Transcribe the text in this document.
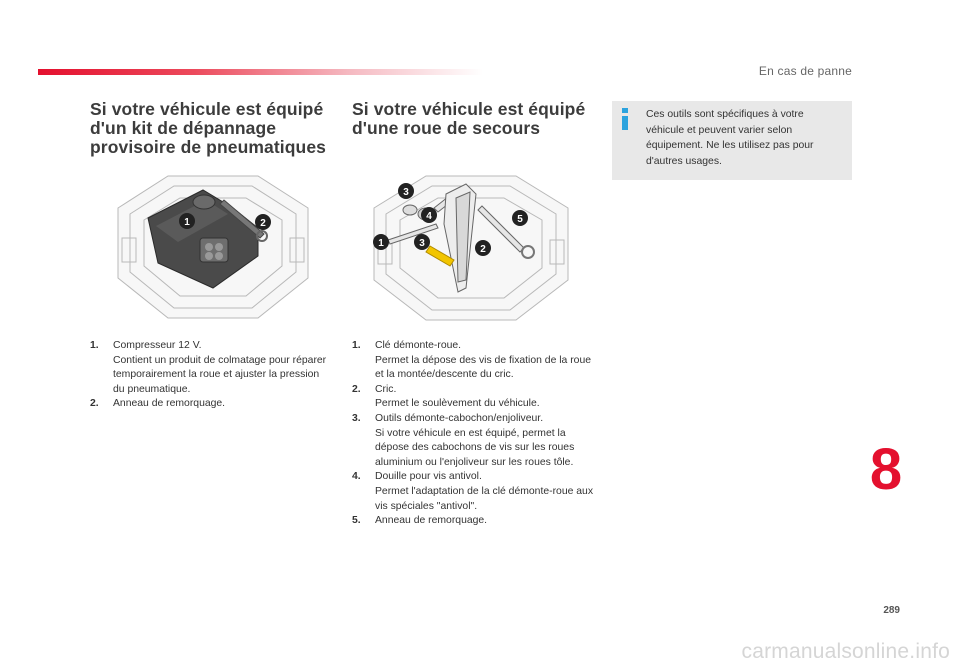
En cas de panne
Si votre véhicule est équipé
d'un kit de dépannage
provisoire de pneumatiques
Si votre véhicule est équipé
d'une roue de secours
Ces outils sont spécifiques à votre
véhicule et peuvent varier selon
équipement. Ne les utilisez pas pour
d'autres usages.
1	2
3
4	5
1	3
2
1.	Compresseur 12 V.
Contient un produit de colmatage pour réparer temporairement la roue et ajuster la pression du pneumatique.
2.	Anneau de remorquage.
1.	Clé démonte-roue.
Permet la dépose des vis de fixation de la roue et la montée/descente du cric.
2.	Cric.
Permet le soulèvement du véhicule.
3.	Outils démonte-cabochon/enjoliveur.
Si votre véhicule en est équipé, permet la dépose des cabochons de vis sur les roues aluminium ou l'enjoliveur sur les roues tôle.
4.	Douille pour vis antivol.
Permet l'adaptation de la clé démonte-roue aux vis spéciales "antivol".
5.	Anneau de remorquage.
8
289
carmanualsonline.info
